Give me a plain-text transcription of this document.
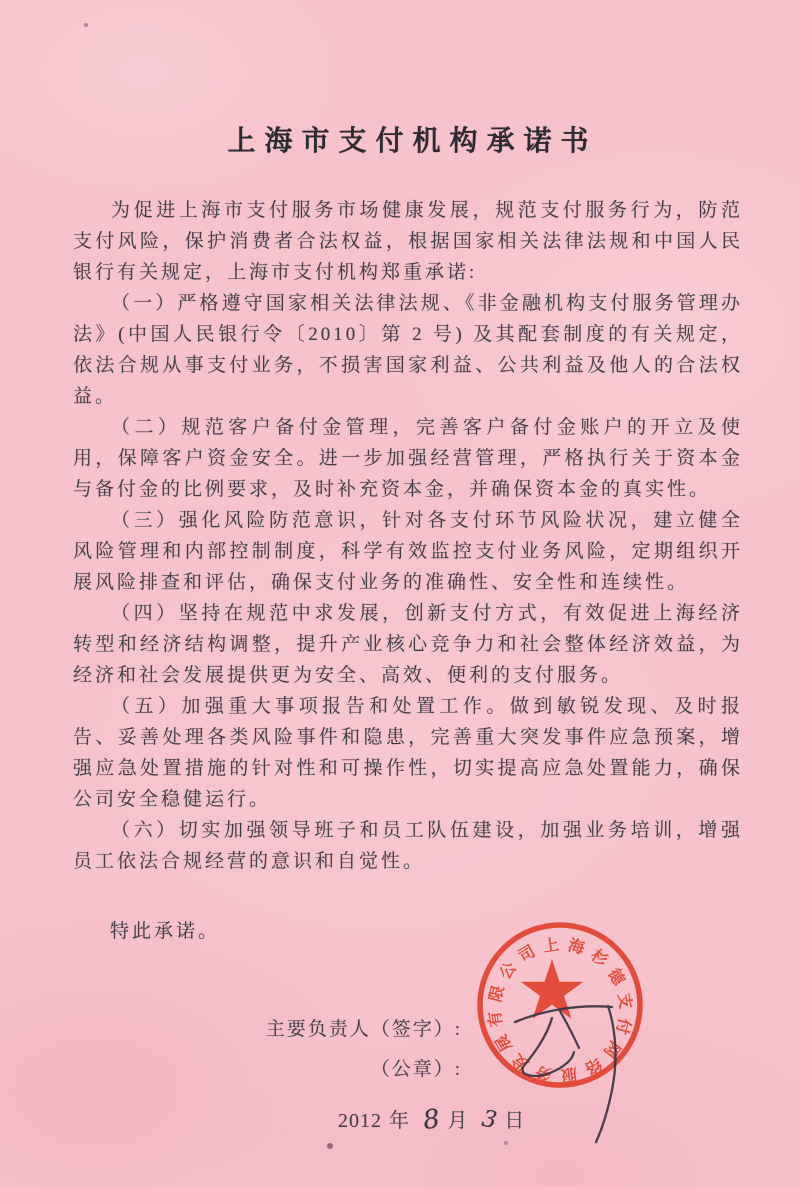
上海市支付机构承诺书

为促进上海市支付服务市场健康发展，规范支付服务行为，防范支付风险，保护消费者合法权益，根据国家相关法律法规和中国人民银行有关规定，上海市支付机构郑重承诺:

（一）严格遵守国家相关法律法规、《非金融机构支付服务管理办法》(中国人民银行令〔2010〕第 2 号) 及其配套制度的有关规定，依法合规从事支付业务，不损害国家利益、公共利益及他人的合法权益。

（二）规范客户备付金管理，完善客户备付金账户的开立及使用，保障客户资金安全。进一步加强经营管理，严格执行关于资本金与备付金的比例要求，及时补充资本金，并确保资本金的真实性。

（三）强化风险防范意识，针对各支付环节风险状况，建立健全风险管理和内部控制制度，科学有效监控支付业务风险，定期组织开展风险排查和评估，确保支付业务的准确性、安全性和连续性。

（四）坚持在规范中求发展，创新支付方式，有效促进上海经济转型和经济结构调整，提升产业核心竞争力和社会整体经济效益，为经济和社会发展提供更为安全、高效、便利的支付服务。

（五）加强重大事项报告和处置工作。做到敏锐发现、及时报告、妥善处理各类风险事件和隐患，完善重大突发事件应急预案，增强应急处置措施的针对性和可操作性，切实提高应急处置能力，确保公司安全稳健运行。

（六）切实加强领导班子和员工队伍建设，加强业务培训，增强员工依法合规经营的意识和自觉性。

特此承诺。
主要负责人（签字）:
（公章）:
2012 年 8 月 3 日
上 海 杉
德
支
付
网
络
服
务
发
展
有
限
公
司
